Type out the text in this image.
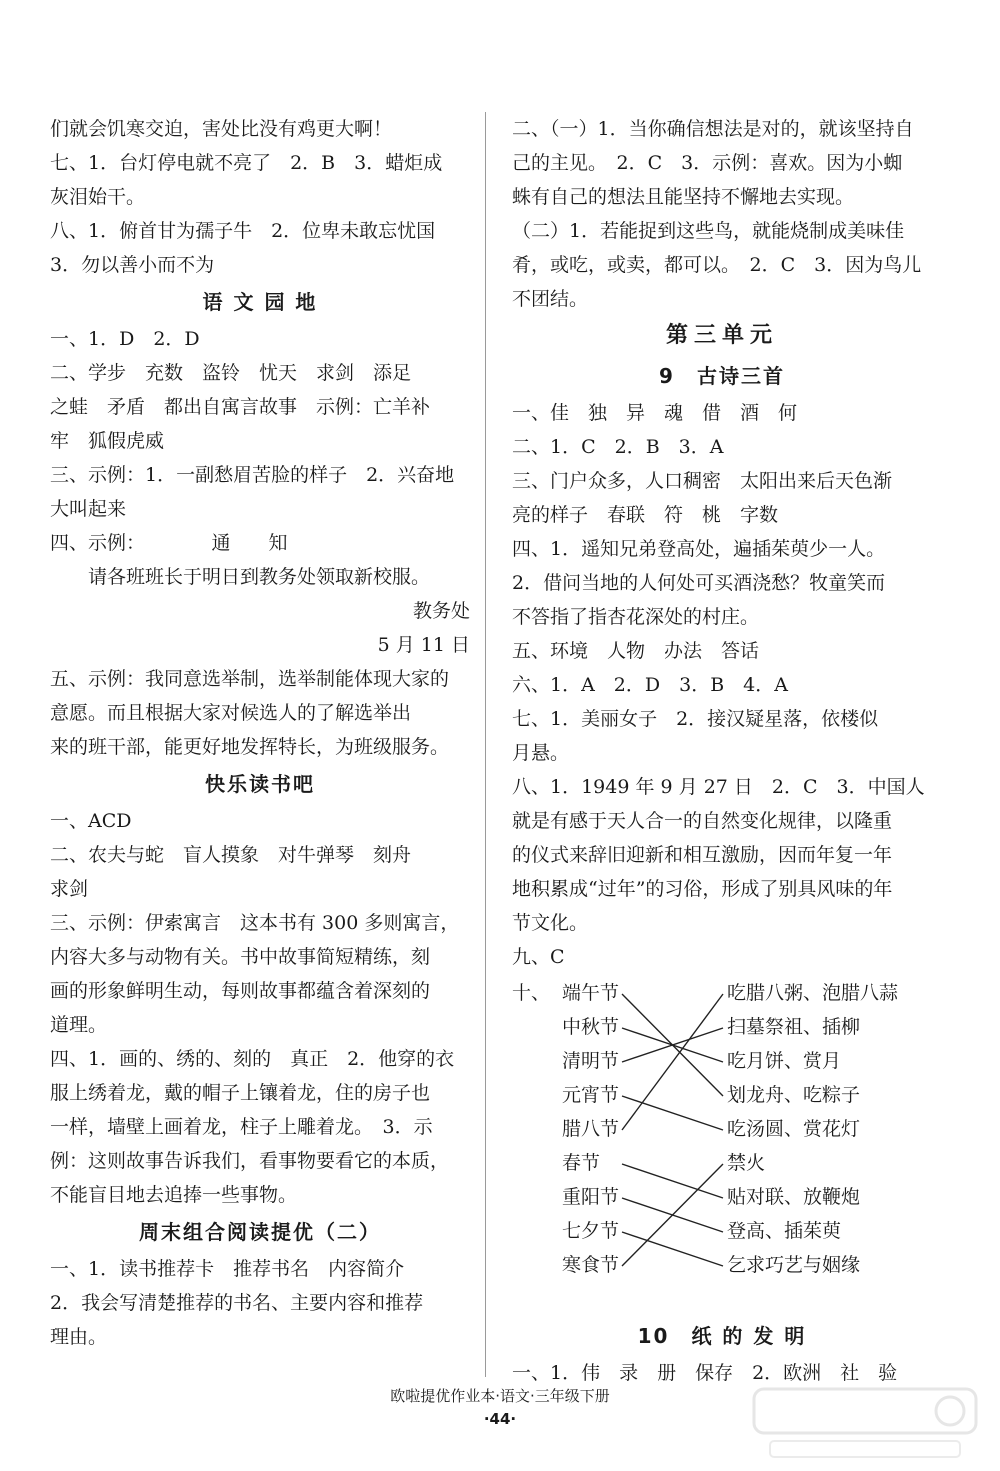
们就会饥寒交迫，害处比没有鸡更大啊！
七、1．台灯停电就不亮了　2．B　3．蜡炬成
灰泪始干。
八、1．俯首甘为孺子牛　2．位卑未敢忘忧国
3．勿以善小而不为
语 文 园 地
一、1．D　2．D
二、学步　充数　盗铃　忧天　求剑　添足
之蛙　矛盾　都出自寓言故事　示例：亡羊补
牢　狐假虎威
三、示例：1．一副愁眉苦脸的样子　2．兴奋地
大叫起来
四、示例：　　　　通　　知
请各班班长于明日到教务处领取新校服。
教务处
5 月 11 日
五、示例：我同意选举制，选举制能体现大家的
意愿。而且根据大家对候选人的了解选举出
来的班干部，能更好地发挥特长，为班级服务。
快乐读书吧
一、ACD
二、农夫与蛇　盲人摸象　对牛弹琴　刻舟
求剑
三、示例：伊索寓言　这本书有 300 多则寓言，
内容大多与动物有关。书中故事简短精练，刻
画的形象鲜明生动，每则故事都蕴含着深刻的
道理。
四、1．画的、绣的、刻的　真正　2．他穿的衣
服上绣着龙，戴的帽子上镶着龙，住的房子也
一样，墙壁上画着龙，柱子上雕着龙。　3．示
例：这则故事告诉我们，看事物要看它的本质，
不能盲目地去追捧一些事物。
周末组合阅读提优（二）
一、1．读书推荐卡　推荐书名　内容简介
2．我会写清楚推荐的书名、主要内容和推荐
理由。
二、（一）1．当你确信想法是对的，就该坚持自
己的主见。　2．C　3．示例：喜欢。因为小蜘
蛛有自己的想法且能坚持不懈地去实现。
（二）1．若能捉到这些鸟，就能烧制成美味佳
肴，或吃，或卖，都可以。　2．C　3．因为鸟儿
不团结。
第三单元
9　古诗三首
一、佳　独　异　魂　借　酒　何
二、1．C　2．B　3．A
三、门户众多，人口稠密　太阳出来后天色渐
亮的样子　春联　符　桃　字数
四、1．遥知兄弟登高处，遍插茱萸少一人。
2．借问当地的人何处可买酒浇愁？牧童笑而
不答指了指杏花深处的村庄。
五、环境　人物　办法　答话
六、1．A　2．D　3．B　4．A
七、1．美丽女子　2．接汉疑星落，依楼似
月悬。
八、1．1949 年 9 月 27 日　2．C　3．中国人
就是有感于天人合一的自然变化规律，以隆重
的仪式来辞旧迎新和相互激励，因而年复一年
地积累成“过年”的习俗，形成了别具风味的年
节文化。
九、C
十、 端午节
中秋节
清明节
元宵节
腊八节
春节
重阳节
七夕节
寒食节
吃腊八粥、泡腊八蒜
扫墓祭祖、插柳
吃月饼、赏月
划龙舟、吃粽子
吃汤圆、赏花灯
禁火
贴对联、放鞭炮
登高、插茱萸
乞求巧艺与姻缘
10　纸 的 发 明
一、1．伟　录　册　保存　2．欧洲　社　验
欧啦提优作业本·语文·三年级下册
·44·
